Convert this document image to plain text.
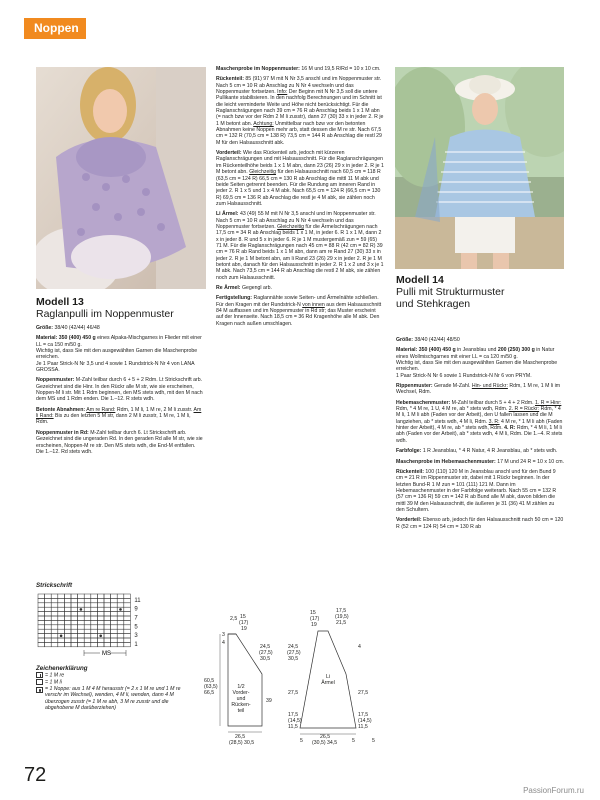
Noppen
Modell 13
Raglanpulli im Noppenmuster

Größe: 38/40 (42/44) 46/48

Material: 350 (400) 450 g eines Alpaka-Mischgarnes in Flieder mit einer LL = ca 150 m/50 g.
Wichtig ist, dass Sie mit den ausgewählten Garnen die Maschenprobe erreichen.
Je 1 Paar Strick-N Nr 3,5 und 4 sowie 1 Rundstrick-N Nr 4 von LANA GROSSA.

Noppenmuster: M-Zahl teilbar durch 6 + 5 + 2 Rdm. Lt Strickschrift arb. Gezeichnet sind die Hinr. In den Rückr alle M str, wie sie erscheinen, Noppen-M li str. Mit 1 Rdm beginnen, den MS stets wdh, mit den M nach dem MS und 1 Rdm enden. Die 1.–12. R stets wdh.

Betonte Abnahmen: Am re Rand: Rdm, 1 M li, 1 M re, 2 M li zusstr. Am li Rand: Bis zu den letzten 5 M str, dann 2 M li zusstr, 1 M re, 1 M li, Rdm.

Noppenmuster in Rd: M-Zahl teilbar durch 6. Lt Strickschrift arb. Gezeichnet sind die ungeraden Rd. In den geraden Rd alle M str, wie sie erscheinen, Noppen-M re str. Den MS stets wdh, die End-M entfallen. Die 1.–12. Rd stets wdh.

Strickschrift
11
9
7
5
3
1
MS
Zeichenerklärung
= 1 M re
= 1 M li
= 1 Noppe: aus 1 M 4 M herausstr (= 2 x 1 M re und 1 M re verschr im Wechsel), wenden, 4 M li, wenden, dann 4 M überzogen zusstr (= 1 M re abh, 3 M re zusstr und die abgehobene M darüberziehen)

Maschenprobe im Noppenmuster: 16 M und 19,5 R/Rd = 10 x 10 cm.

Rückenteil: 85 (91) 97 M mit N Nr 3,5 anschl und im Noppenmuster str. Nach 5 cm = 10 R ab Anschlag zu N Nr 4 wechseln und das Noppenmuster fortsetzen. Info: Der Beginn mit N Nr 3,5 soll die untere Pullikante stabilisieren. In den nachfolg Berechnungen und im Schnitt ist die leicht verminderte Weite und Höhe nicht berücksichtigt. Für die Raglanschrägungen nach 39 cm = 76 R ab Anschlag beids 1 x 1 M abn (= nach bzw vor der Rdm 2 M li zusstr), dann 27 (30) 33 x in jeder 2. R je 1 M betont abn. Achtung: Unmittelbar nach bzw vor den betonten Abnahmen keine Noppen mehr arb, statt dessen die M re str. Nach 67,5 cm = 132 R (70,5 cm = 138 R) 73,5 cm = 144 R ab Anschlag die restl 29 M für den Halsausschnitt abk.

Vorderteil: Wie das Rückenteil arb, jedoch mit kürzeren Raglanschrägungen und mit Halsausschnitt. Für die Raglanschrägungen im Rückenteilhöhe beids 1 x 1 M abn, dann 23 (26) 29 x in jeder 2. R je 1 M betont abn. Gleichzeitig für den Halsausschnitt nach 60,5 cm = 118 R (63,5 cm = 124 R) 66,5 cm = 130 R ab Anschlag die mittl 11 M abk und beide Seiten getrennt beenden. Für die Rundung am inneren Rand in jeder 2. R 1 x 5 und 1 x 4 M abk. Nach 65,5 cm = 124 R (66,5 cm = 130 R) 69,5 cm = 136 R ab Anschlag die restl je 4 M abk, sie zählen noch zum Halsausschnitt.

Li Ärmel: 43 (49) 55 M mit N Nr 3,5 anschl und im Noppenmuster str. Nach 5 cm = 10 R ab Anschlag zu N Nr 4 wechseln und das Noppenmuster fortsetzen. Gleichzeitig für die Ärmelschrägungen nach 17,5 cm = 34 R ab Anschlag beids 1 x 1 M, in jeder 6. R 1 x 1 M, dann 2 x in jeder 8. R und 5 x in jeder 6. R je 1 M mustergemäß zun = 59 (65) 71 M. Für die Raglanschrägungen nach 45 cm = 88 R (42 cm = 82 R) 39 cm = 76 R ab Rand beids 1 x 1 M abn, dann am re Rand 27 (30) 33 x in jeder 2. R je 1 M betont abn, am li Rand 23 (26) 29 x in jeder 2. R je 1 M betont abn, danach für den Halsausschnitt in jeder 2. R 1 x 2 und 3 x je 1 M abk. Nach 73,5 cm = 144 R ab Anschlag die restl 2 M abk, sie zählen noch zum Halsausschnitt.

Re Ärmel: Gegengl arb.

Fertigstellung: Raglannähte sowie Seiten- und Ärmelnähte schließen. Für den Kragen mit der Rundstrick-N von innen aus dem Halsausschnitt 84 M auffassen und im Noppenmuster in Rd str; das Muster erscheint auf der Innenseite. Nach 18,5 cm = 36 Rd Kragenhöhe alle M abk. Den Kragen nach außen umschlagen.

2,5 15
(17)
19
3
4
24,5
(27,5)
30,5
39
60,5
(63,5)
66,5
1/2
Vorder-
und
Rücken-
teil
26,5
(28,5) 30,5
15
(17)
19
17,5
(19,5)
21,5
24,5
(27,5)
30,5
27,5
17,5
(14,5)
11,5
Li
Ärmel
4
27,5
17,5
(14,5)
11,5
5
26,5
(30,5) 34,5	5	5
Modell 14
Pulli mit Strukturmuster
und Stehkragen

Größe: 38/40 (42/44) 48/50

Material: 350 (400) 450 g in Jeansblau und 200 (250) 300 g in Natur eines Wollmischgarnes mit einer LL = ca 120 m/50 g.
Wichtig ist, dass Sie mit den ausgewählten Garnen die Maschenprobe erreichen.
1 Paar Strick-N Nr 6 sowie 1 Rundstrick-N Nr 6 von PRYM.

Rippenmuster: Gerade M-Zahl. Hin- und Rückr: Rdm, 1 M re, 1 M li im Wechsel, Rdm.

Hebemaschenmuster: M-Zahl teilbar durch 5 + 4 + 2 Rdm. 1. R = Hinr: Rdm, * 4 M re, 1 U, 4 M re, ab * stets wdh, Rdm. 2. R = Rückr: Rdm, * 4 M li, 1 M li abh (Faden vor der Arbeit), den U fallen lassen und die M langziehen, ab * stets wdh, 4 M li, Rdm. 3. R: 4 M re, * 1 M li abh (Faden hinter der Arbeit), 4 M re, ab * stets wdh, Rdm. 4. R: Rdm, * 4 M li, 1 M li abh (Faden vor der Arbeit), ab * stets wdh, 4 M li, Rdm. Die 1.–4. R stets wdh.

Farbfolge: 1 R Jeansblau, * 4 R Natur, 4 R Jeansblau, ab * stets wdh.

Maschenprobe im Hebemaschenmuster: 17 M und 24 R = 10 x 10 cm.

Rückenteil: 100 (110) 120 M in Jeansblau anschl und für den Bund 9 cm = 21 R im Rippenmuster str, dabei mit 1 Rückr beginnen. In der letzten Bund-R 1 M zun = 101 (111) 121 M. Dann im Hebemaschenmuster in der Farbfolge weiterarb. Nach 55 cm = 132 R (57 cm = 136 R) 59 cm = 142 R ab Bund alle M abk, davon bilden die mittl 39 M den Halsausschnitt, die äußeren je 31 (36) 41 M zählen zu den Schultern.

Vorderteil: Ebenso arb, jedoch für den Halsausschnitt nach 50 cm = 120 R (52 cm = 124 R) 54 cm = 130 R ab

72
PassionForum.ru
